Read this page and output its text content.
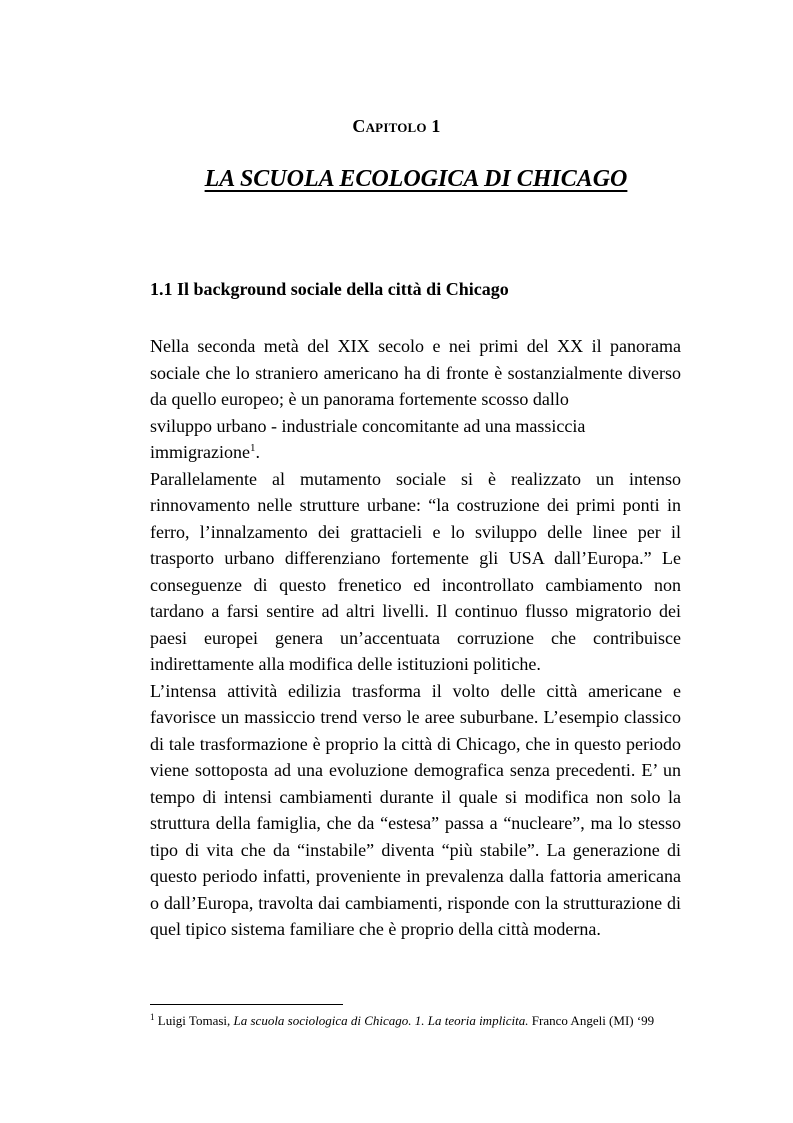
Capitolo 1
LA SCUOLA ECOLOGICA DI CHICAGO
1.1 Il background sociale della città di Chicago

Nella seconda metà del XIX secolo e nei primi del XX il panorama sociale che lo straniero americano ha di fronte è sostanzialmente diverso da quello europeo; è un panorama fortemente scosso dallo

sviluppo urbano - industriale concomitante ad una massiccia immigrazione$^1$.

Parallelamente al mutamento sociale si è realizzato un intenso rinnovamento nelle strutture urbane: “la costruzione dei primi ponti in ferro, l’innalzamento dei grattacieli e lo sviluppo delle linee per il trasporto urbano differenziano fortemente gli USA dall’Europa.” Le conseguenze di questo frenetico ed incontrollato cambiamento non tardano a farsi sentire ad altri livelli. Il continuo flusso migratorio dei paesi europei genera un’accentuata corruzione che contribuisce indirettamente alla modifica delle istituzioni politiche.

L’intensa attività edilizia trasforma il volto delle città americane e favorisce un massiccio trend verso le aree suburbane. L’esempio classico di tale trasformazione è proprio la città di Chicago, che in questo periodo viene sottoposta ad una evoluzione demografica senza precedenti. E’ un tempo di intensi cambiamenti durante il quale si modifica non solo la struttura della famiglia, che da “estesa” passa a “nucleare”, ma lo stesso tipo di vita che da “instabile” diventa “più stabile”. La generazione di questo periodo infatti, proveniente in prevalenza dalla fattoria americana o dall’Europa, travolta dai cambiamenti, risponde con la strutturazione di quel tipico sistema familiare che è proprio della città moderna.

$^1$ Luigi Tomasi, La scuola sociologica di Chicago. 1. La teoria implicita. Franco Angeli (MI) ‘99
